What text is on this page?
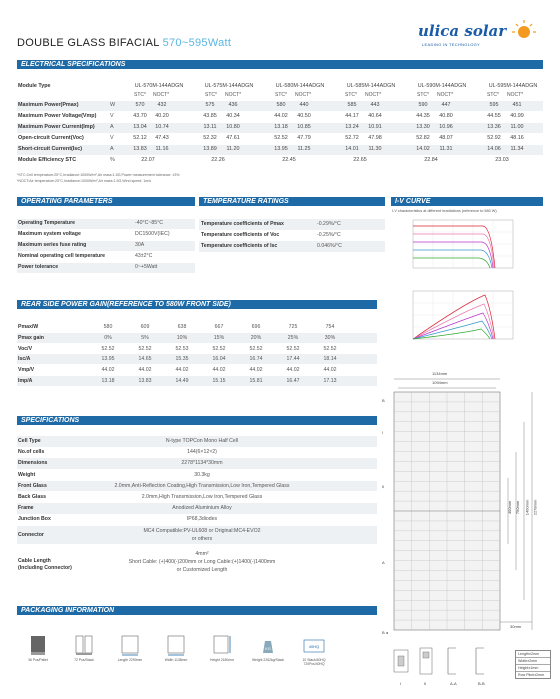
DOUBLE GLASS BIFACIAL 570~595Watt
ulica solar
LEADING IN TECHNOLOGY
ELECTRICAL SPECIFICATIONS
Module Type	UL-570M-144ADGN	UL-575M-144ADGN	UL-580M-144ADGN	UL-585M-144ADGN	UL-590M-144ADGN	UL-595M-144ADGN
STC* NOCT*	STC* NOCT*	STC* NOCT*	STC* NOCT*	STC* NOCT*	STC* NOCT*
Maximum Power(Pmax)	W	570	432	575	436	580	440	585	443	590	447	595	451
Maximum Power Voltage(Vmp)	V	43.70	40.20	43.85	40.34	44.02	40.50	44.17	40.64	44.35	40.80	44.55	40.99
Maximum Power Current(Imp)	A	13.04	10.74	13.11	10.80	13.18	10.85	13.24	10.91	13.30	10.96	13.36	11.00
Open-circuit Current(Voc)	V	52.12	47.43	52.32	47.61	52.52	47.79	52.72	47.98	52.82	48.07	52.92	48.16
Short-circuit Current(Isc)	A	13.83	11.16	13.89	11.20	13.95	11.25	14.01	11.30	14.02	11.31	14.06	11.34
Module Efficiency STC	%	22.07	22.26	22.45	22.65	22.84	23.03
*STC:Cell temperature:25°C,Irradiance:1000W/m²,Air mass:1.5G,Power measurement tolerance: ±3%
*NOCT:Air temperature:20°C,Irradiance:1000W/m²,Air mass:1.5G,Wind speed: 1m/s
OPERATING PARAMETERS
Operating Temperature	-40°C~85°C
Maximum system voltage	DC1500V(IEC)
Maximum series fuse rating	30A
Nominal operating cell temperature	43±2°C
Power tolerance	0~+5Watt
TEMPERATURE RATINGS
Temperature coefficients of Pmax	-0.29%/°C
Temperature coefficients of Voc	-0.25%/°C
Temperature coefficients of Isc	0.046%/°C
I-V CURVE
I-V characteristics at different irradiations (reference to 580 W)
REAR SIDE POWER GAIN(REFERENCE TO 580W FRONT SIDE)
Pmax/W	580	609	638	667	696	725	754
Pmax gain	0%	5%	10%	15%	20%	25%	30%
Voc/V	52.52	52.52	52.53	52.52	52.52	52.52	52.52
Isc/A	13.95	14.65	15.35	16.04	16.74	17.44	18.14
Vmp/V	44.02	44.02	44.02	44.02	44.02	44.02	44.02
Imp/A	13.18	13.83	14.49	15.15	15.81	16.47	17.13
SPECIFICATIONS
Cell Type	N-type TOPCon Mono Half Cell
No.of cells	144(6×12×2)
Dimensions	2278*1134*30mm
Weight	30.3kg
Front Glass	2.0mm,Anti-Reflection Coating,High Transmission,Low Iron,Tempered Glass
Back Glass	2.0mm,High Transmission,Low Iron,Tempered Glass
Frame	Anodized Aluminium Alloy
Junction Box	IP68,3diodes
Connector
MC4 Compatible:PV-UL608 or Original:MC4-EVO2
or others
Cable Length
(Including Connector)
4mm²
Short Cable: (+)400(-)200mm or Long Cable:(+)1400(-)1400mm
or Customized Length
1134mm
1094mm
B
I
II
A
B ◂
400mm 790mm 1400mm 2278mm
30mm
I	II	A-A	B-B
Length±2mm
Width±2mm
Height±1mm
Row Pitch±2mm
PACKAGING INFORMATION
36 Pcs/Pallet	72 Pcs/Stack	Length 2290mm	Width 1138mm	Height 2180mm
KG
Weight 2262kg/Stack
40HQ
10 Stack/40HQ 720Pcs/40HQ
